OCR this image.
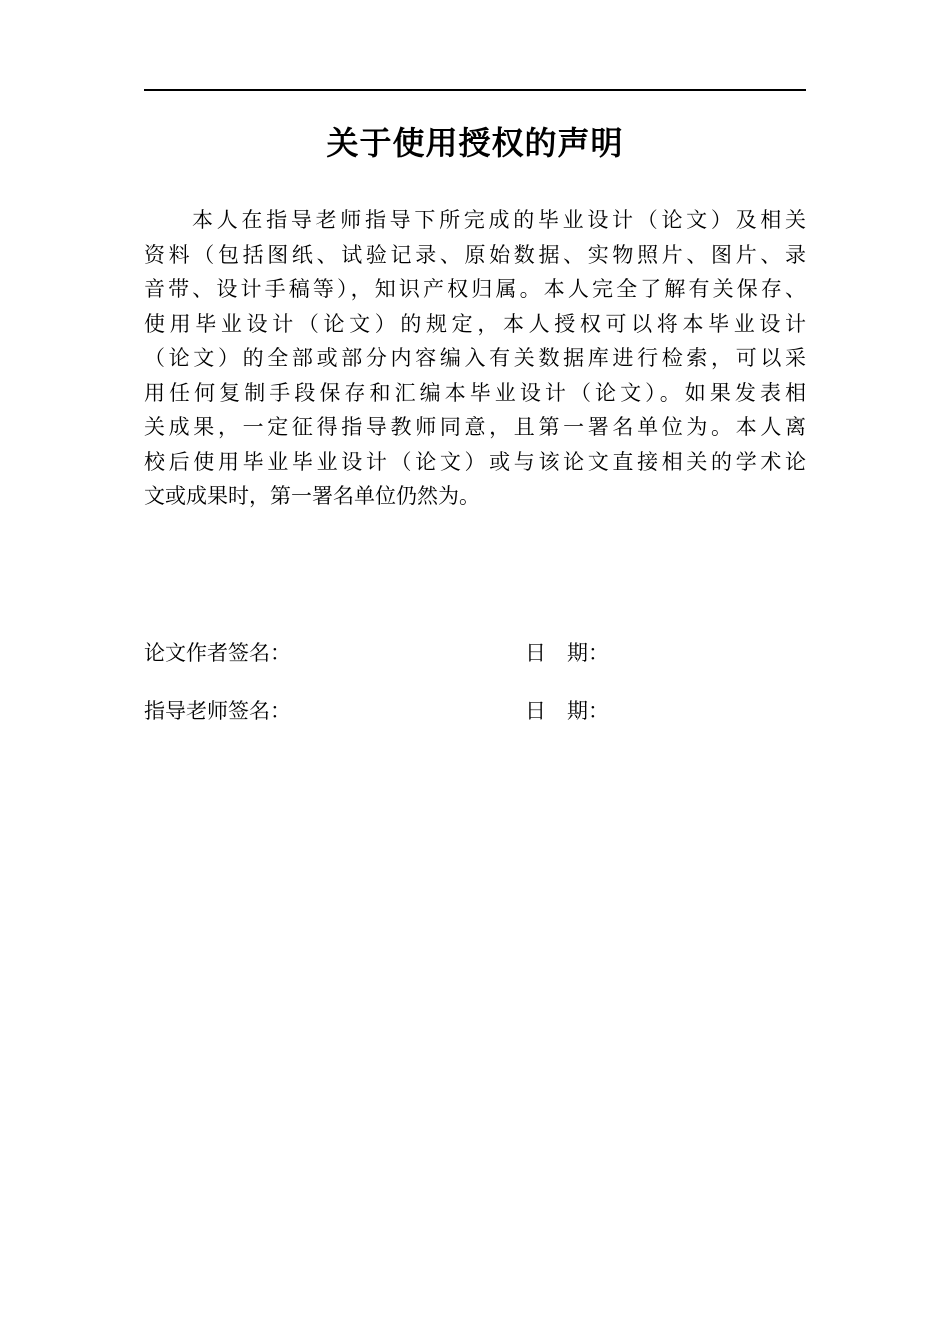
关于使用授权的声明
本人在指导老师指导下所完成的毕业设计（论文）及相关
资料（包括图纸、试验记录、原始数据、实物照片、图片、录
音带、设计手稿等），知识产权归属。本人完全了解有关保存、
使用毕业设计（论文）的规定，本人授权可以将本毕业设计
（论文）的全部或部分内容编入有关数据库进行检索，可以采
用任何复制手段保存和汇编本毕业设计（论文）。如果发表相
关成果，一定征得指导教师同意，且第一署名单位为。本人离
校后使用毕业毕业设计（论文）或与该论文直接相关的学术论
文或成果时，第一署名单位仍然为。
论文作者签名：	日　期：
指导老师签名：	日　期：
